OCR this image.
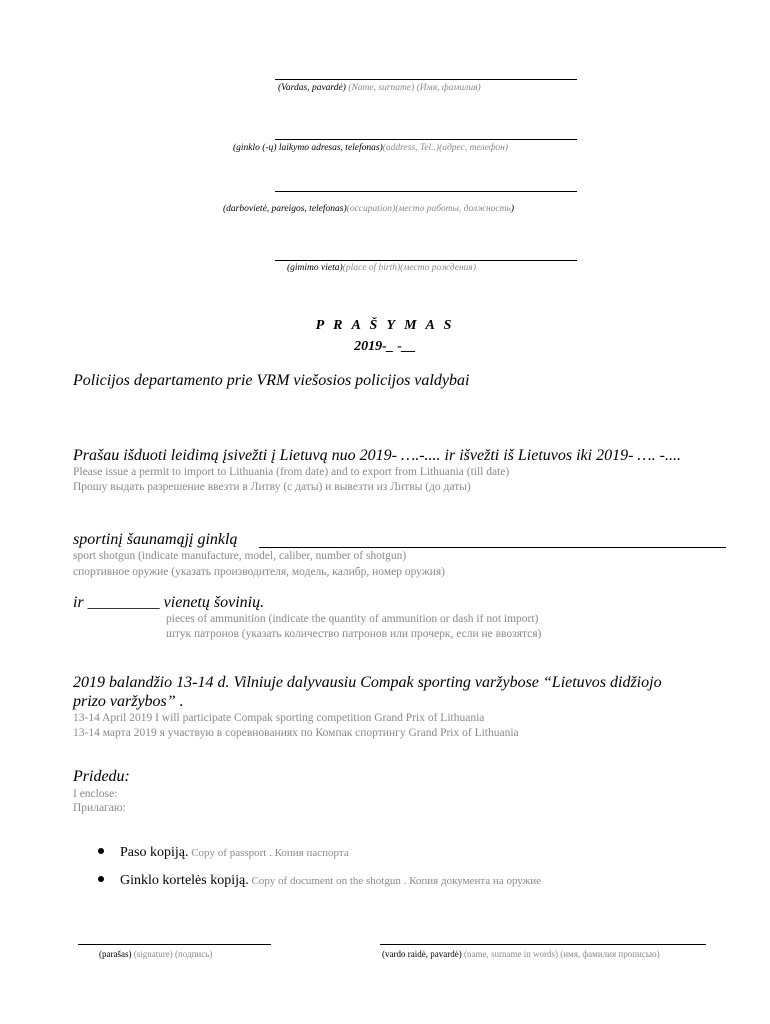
(Vardas, pavardė) (Name, surname) (Имя, фамилия)
(ginklo (-ų) laikymo adresas, telefonas)(address, Tel..)(адрес, телефон)
(darbovietė, pareigos, telefonas)(occupation)(место работы, должность)
(gimimo vieta)(place of birth)(место рождения)
P R A Š Y M A S
2019-_ -__
Policijos departamento prie VRM viešosios policijos valdybai
Prašau išduoti leidimą įsivežti į Lietuvą nuo 2019- ….-.... ir išvežti iš Lietuvos iki 2019- …. -....
Please issue a permit to import to Lithuania (from date) and to export from Lithuania (till date)
Прошу выдать разрешение ввезти в Литву (с даты) и вывезти из Литвы (до даты)
sportinį šaunamąjį ginklą
sport shotgun (indicate manufacture, model, caliber, number of shotgun)
спортивное оружие (указать производителя, модель, калибр, номер оружия)
ir _________ vienetų šovinių.
pieces of ammunition (indicate the quantity of ammunition or dash if not import)
штук патронов (указать количество патронов или прочерк, если не ввозятся)
2019 balandžio 13-14 d. Vilniuje dalyvausiu Compak sporting varžybose “Lietuvos didžiojo
prizo varžybos” .
13-14 April 2019 I will participate Compak sporting competition Grand Prix of Lithuania
13-14 марта 2019 я участвую в соревнованиях по Компак спортингу Grand Prix of Lithuania
Pridedu:
I enclose:
Прилагаю:
Paso kopiją. Copy of passport . Копия паспорта
Ginklo kortelės kopiją. Copy of document on the shotgun . Копия документа на оружие
(parašas) (signature) (подпись)	(vardo raidė, pavardė) (name, surname in words) (имя, фамилия прописью)
